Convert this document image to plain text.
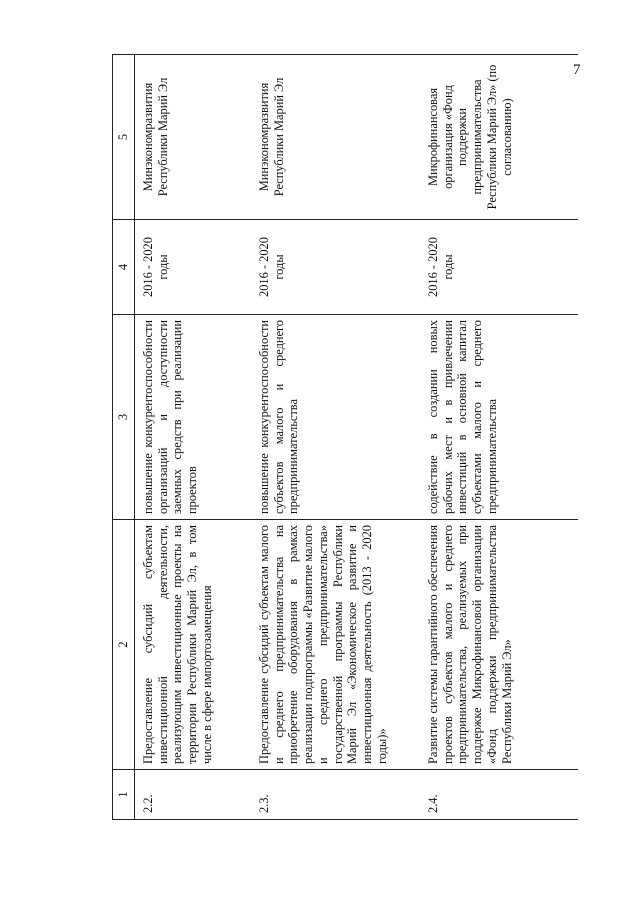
7
1	2	3	4	5
2.2.	Предоставление субсидий субъектам инвестиционной деятельности, реализующим инвестиционные проекты на территории Республики Марий Эл, в том числе в сфере импортозамещения	повышение конкурентоспособности организаций и доступности заемных средств при реализации проектов	2016 - 2020 годы	Минэкономразвития Республики Марий Эл
2.3.	Предоставление субсидий субъектам малого и среднего предпринимательства на приобретение оборудования в рамках реализации подпрограммы «Развитие малого и среднего предпринимательства» государственной программы Республики Марий Эл «Экономическое развитие и инвестиционная деятельность (2013 - 2020 годы)»	повышение конкурентоспособности субъектов малого и среднего предпринимательства	2016 - 2020 годы	Минэкономразвития Республики Марий Эл
2.4.	Развитие системы гарантийного обеспечения проектов субъектов малого и среднего предпринимательства, реализуемых при поддержке Микрофинансовой организации «Фонд поддержки предпринимательства Республики Марий Эл»	содействие в создании новых рабочих мест и в привлечении инвестиций в основной капитал субъектами малого и среднего предпринимательства	2016 - 2020 годы	Микрофинансовая организация «Фонд поддержки предпринимательства Республики Марий Эл» (по согласованию)
